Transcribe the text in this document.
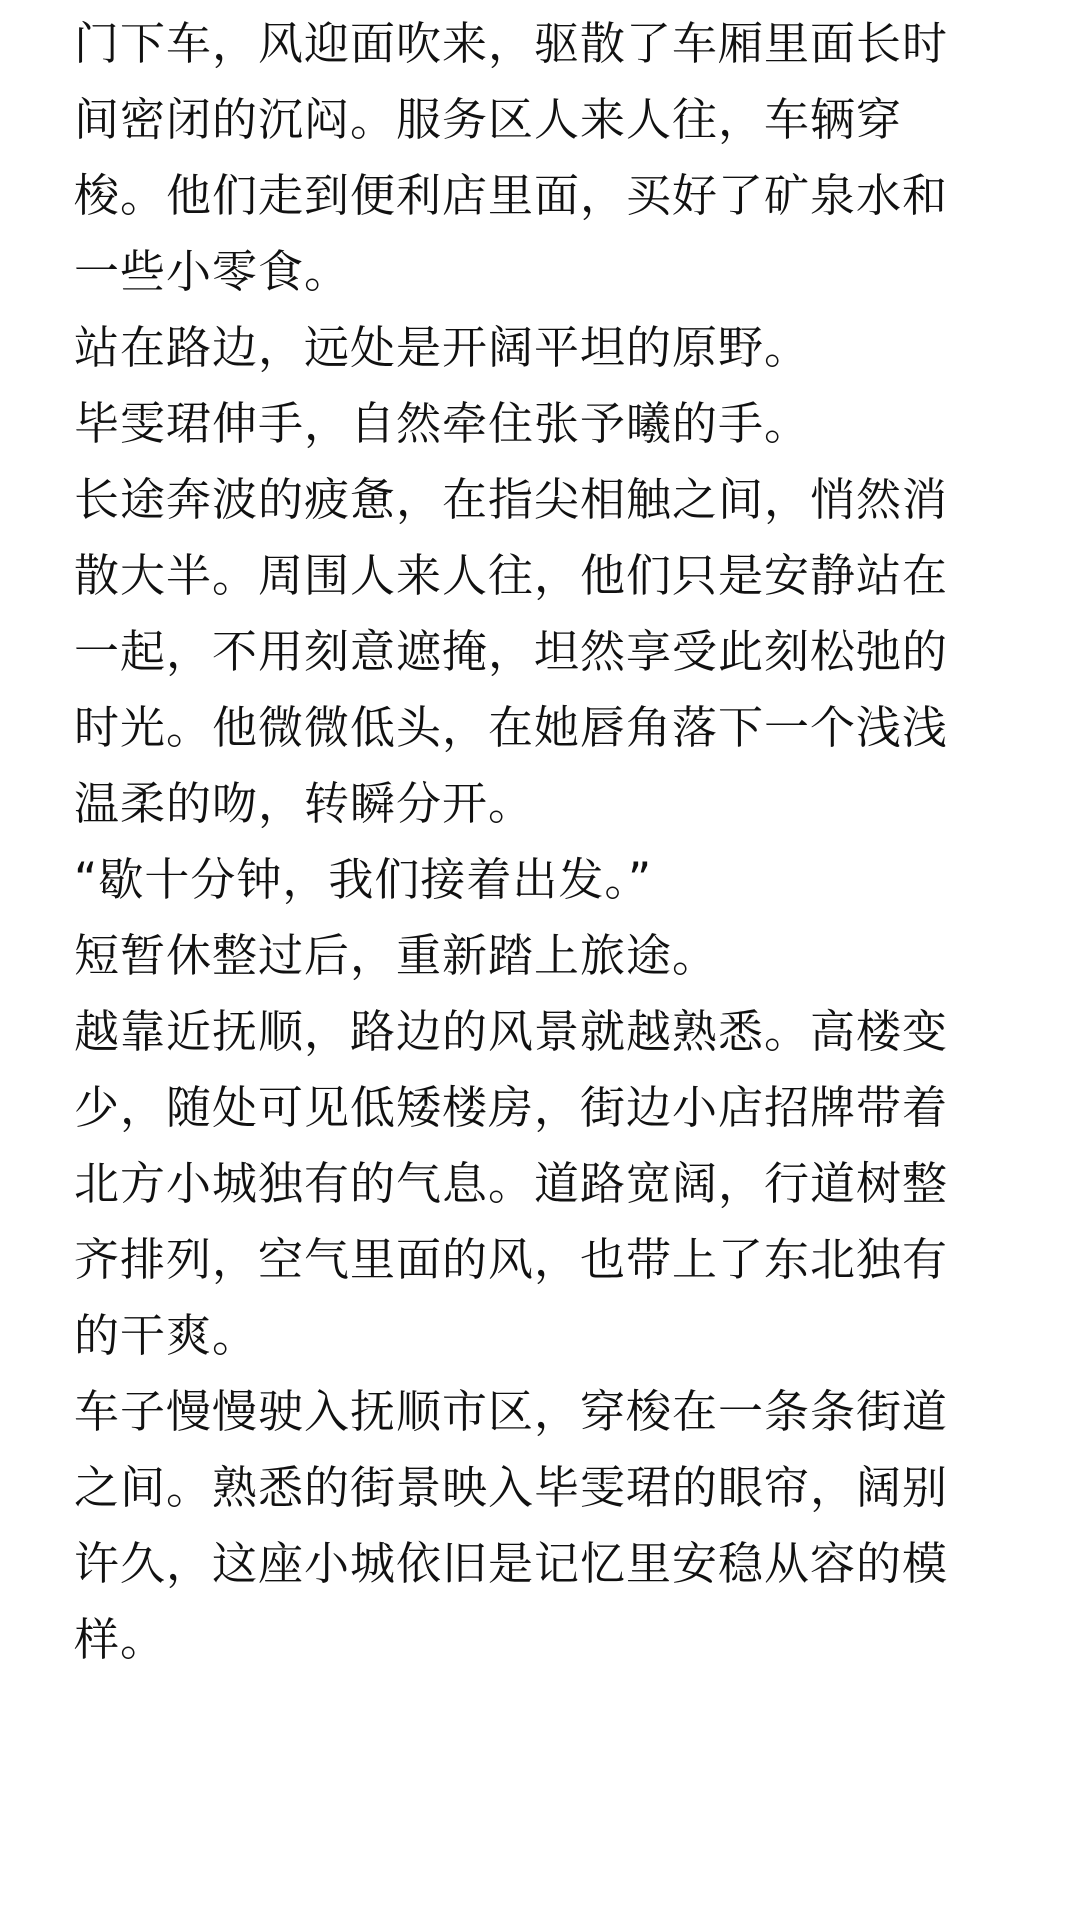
门下车，风迎面吹来，驱散了车厢里面长时
间密闭的沉闷。服务区人来人往，车辆穿
梭。他们走到便利店里面，买好了矿泉水和
一些小零食。
站在路边，远处是开阔平坦的原野。
毕雯珺伸手，自然牵住张予曦的手。
长途奔波的疲惫，在指尖相触之间，悄然消
散大半。周围人来人往，他们只是安静站在
一起，不用刻意遮掩，坦然享受此刻松弛的
时光。他微微低头，在她唇角落下一个浅浅
温柔的吻，转瞬分开。
“歇十分钟，我们接着出发。”
短暂休整过后，重新踏上旅途。
越靠近抚顺，路边的风景就越熟悉。高楼变
少，随处可见低矮楼房，街边小店招牌带着
北方小城独有的气息。道路宽阔，行道树整
齐排列，空气里面的风，也带上了东北独有
的干爽。
车子慢慢驶入抚顺市区，穿梭在一条条街道
之间。熟悉的街景映入毕雯珺的眼帘，阔别
许久，这座小城依旧是记忆里安稳从容的模
样。
